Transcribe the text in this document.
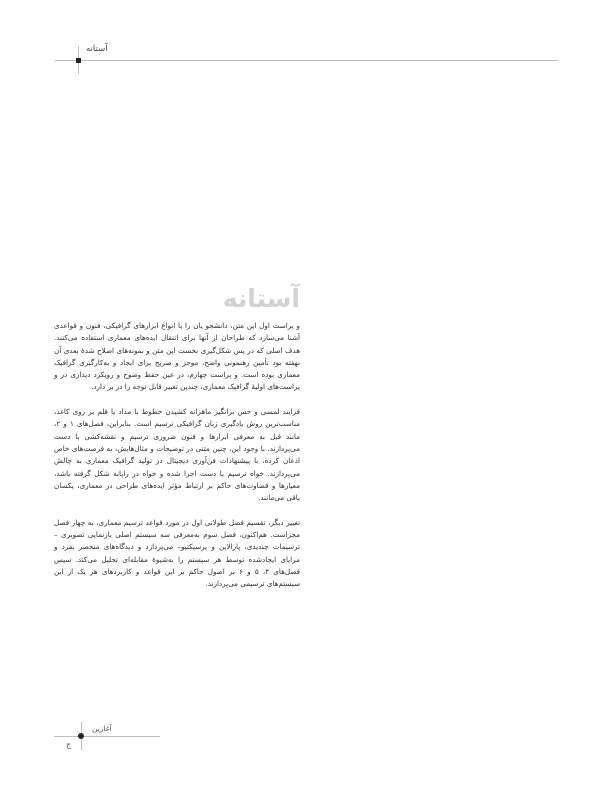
آستانه
آستانه

و پراست اول این متن، دانشجو یان را با انواع ابزارهای گرافیکی، فنون و قواعدی آشنا می‌سازد که طراحان از آنها برای انتقال ایده‌های معماری استفاده می‌کنند. هدف اصلی که در پس شکل‌گیری نخست این متن و نمونه‌های اصلاح شدهٔ بعدی آن نهفته بود تأمین رهنمونی واضح، موجز و صریح برای ایجاد و به‌کارگیری گرافیک معماری بوده است. و پراست چهارم، در عین حفظ وضوح و رویکرد دیداری در و پراست‌های اولیهٔ گرافیک معماری، چندین تغییر قابل توجه را در بر دارد.

فرایند لمسی و حس برانگیز ماهرانه کشیدن خطوط با مداد یا قلم بر روی کاغذ، مناسب‌ترین روش یادگیری زبان گرافیکی ترسیم است. بنابراین، فصل‌های ۱ و ۲، مانند قبل به معرفی ابزارها و فنون ضروری ترسیم و نقشه‌کشی با دست می‌پردازند. با وجود این، چنین متنی در توضیحات و مثال‌هایش، به فرصت‌های خاص اذعان کرده، با پیشنهادات فن‌آوری دیجیتال در تولید گرافیک معماری به چالش می‌پردازند. خواه ترسیم با دست اجرا شده و خواه در رایانه شکل گرفته باشد، معیارها و قضاوت‌های حاکم بر ارتباط مؤثر ایده‌های طراحی در معماری، یکسان باقی می‌مانند.

تغییر دیگر، تقسیم فصل طولانی اول در مورد قواعد ترسیم معماری، به چهار فصل مجزاست. هم‌اکنون، فصل سوم به‌معرفی سه سیستم اصلی بازنمایی تصویری –ترسیمات چندیدی، پارالاین و پرسپکتیو– می‌پردازد و دیدگاه‌های منحصر بفرد و مزایای ایجادشده توسط هر سیستم را به‌شیوهٔ مقابله‌ای تحلیل می‌کند. سپس فصل‌های ۴، ۵ و ۶ بر اصول حاکم بر این قواعد و کاربردهای هر یک از این سیستم‌های ترسیمی می‌پردازند.

آغازین
ج
